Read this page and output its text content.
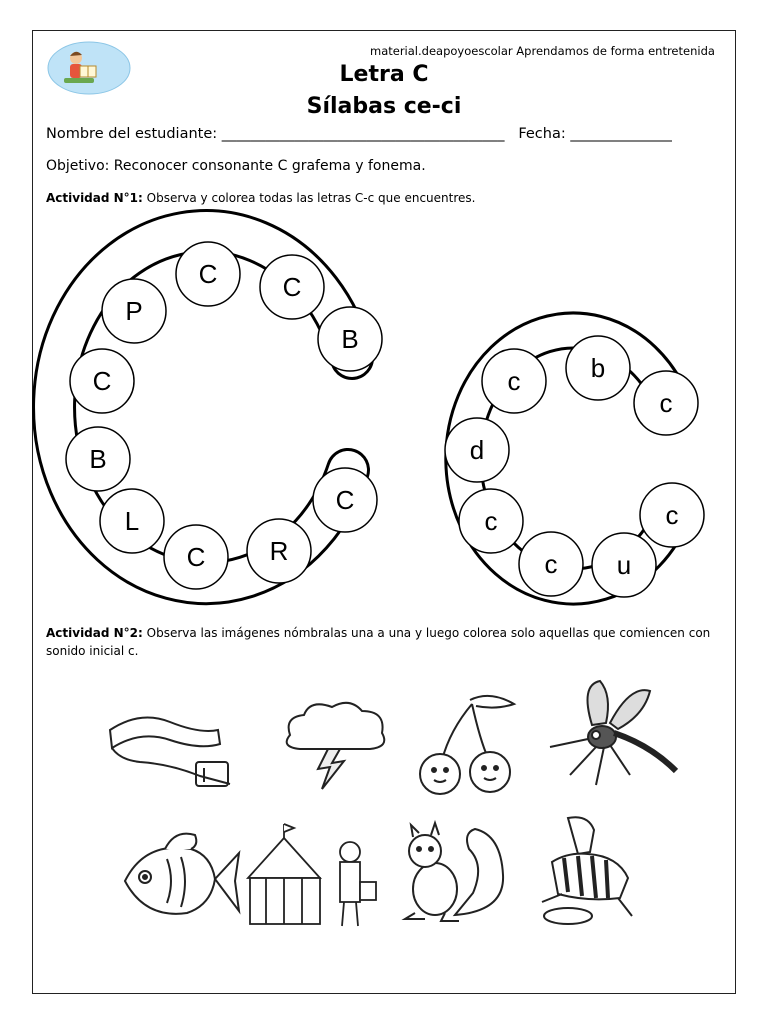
material.deapoyoescolar Aprendamos de forma entretenida
Letra C
Sílabas ce-ci
Nombre del estudiante: _______________________________________ Fecha: ______________
Objetivo: Reconocer consonante C grafema y fonema.
Actividad N°1: Observa y colorea todas las letras C-c que encuentres.
C	C
P
B
C
B
L
C R
C
b
c
c
d
c
c
c
u
Actividad N°2: Observa las imágenes nómbralas una a una y luego colorea solo aquellas que comiencen con sonido inicial c.
